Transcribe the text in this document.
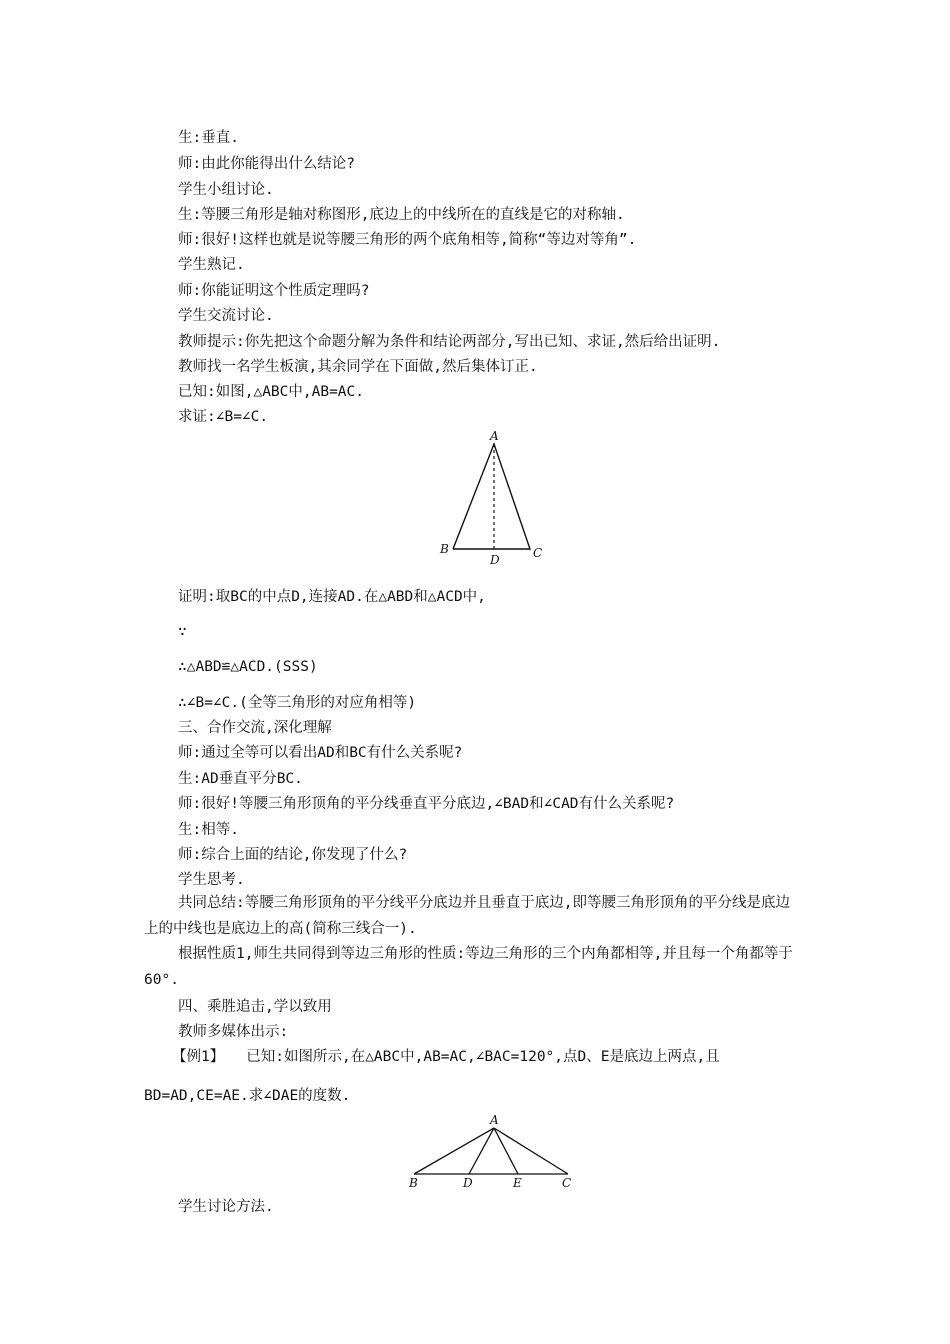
生:垂直.
师:由此你能得出什么结论?
学生小组讨论.
生:等腰三角形是轴对称图形,底边上的中线所在的直线是它的对称轴.
师:很好!这样也就是说等腰三角形的两个底角相等,简称“等边对等角”.
学生熟记.
师:你能证明这个性质定理吗?
学生交流讨论.
教师提示:你先把这个命题分解为条件和结论两部分,写出已知、求证,然后给出证明.
教师找一名学生板演,其余同学在下面做,然后集体订正.
已知:如图,△ABC中,AB=AC.
求证:∠B=∠C.
A
B	C
D
证明:取BC的中点D,连接AD.在△ABD和△ACD中,
∵
∴△ABD≌△ACD.(SSS)
∴∠B=∠C.(全等三角形的对应角相等)
三、合作交流,深化理解
师:通过全等可以看出AD和BC有什么关系呢?
生:AD垂直平分BC.
师:很好!等腰三角形顶角的平分线垂直平分底边,∠BAD和∠CAD有什么关系呢?
生:相等.
师:综合上面的结论,你发现了什么?
学生思考.
共同总结:等腰三角形顶角的平分线平分底边并且垂直于底边,即等腰三角形顶角的平分线是底边上的中线也是底边上的高(简称三线合一).
根据性质1,师生共同得到等边三角形的性质:等边三角形的三个内角都相等,并且每一个角都等于60°.
四、乘胜追击,学以致用
教师多媒体出示:
【例1】 已知:如图所示,在△ABC中,AB=AC,∠BAC=120°,点D、E是底边上两点,且
BD=AD,CE=AE.求∠DAE的度数.
A
B	D	E	C
学生讨论方法.
